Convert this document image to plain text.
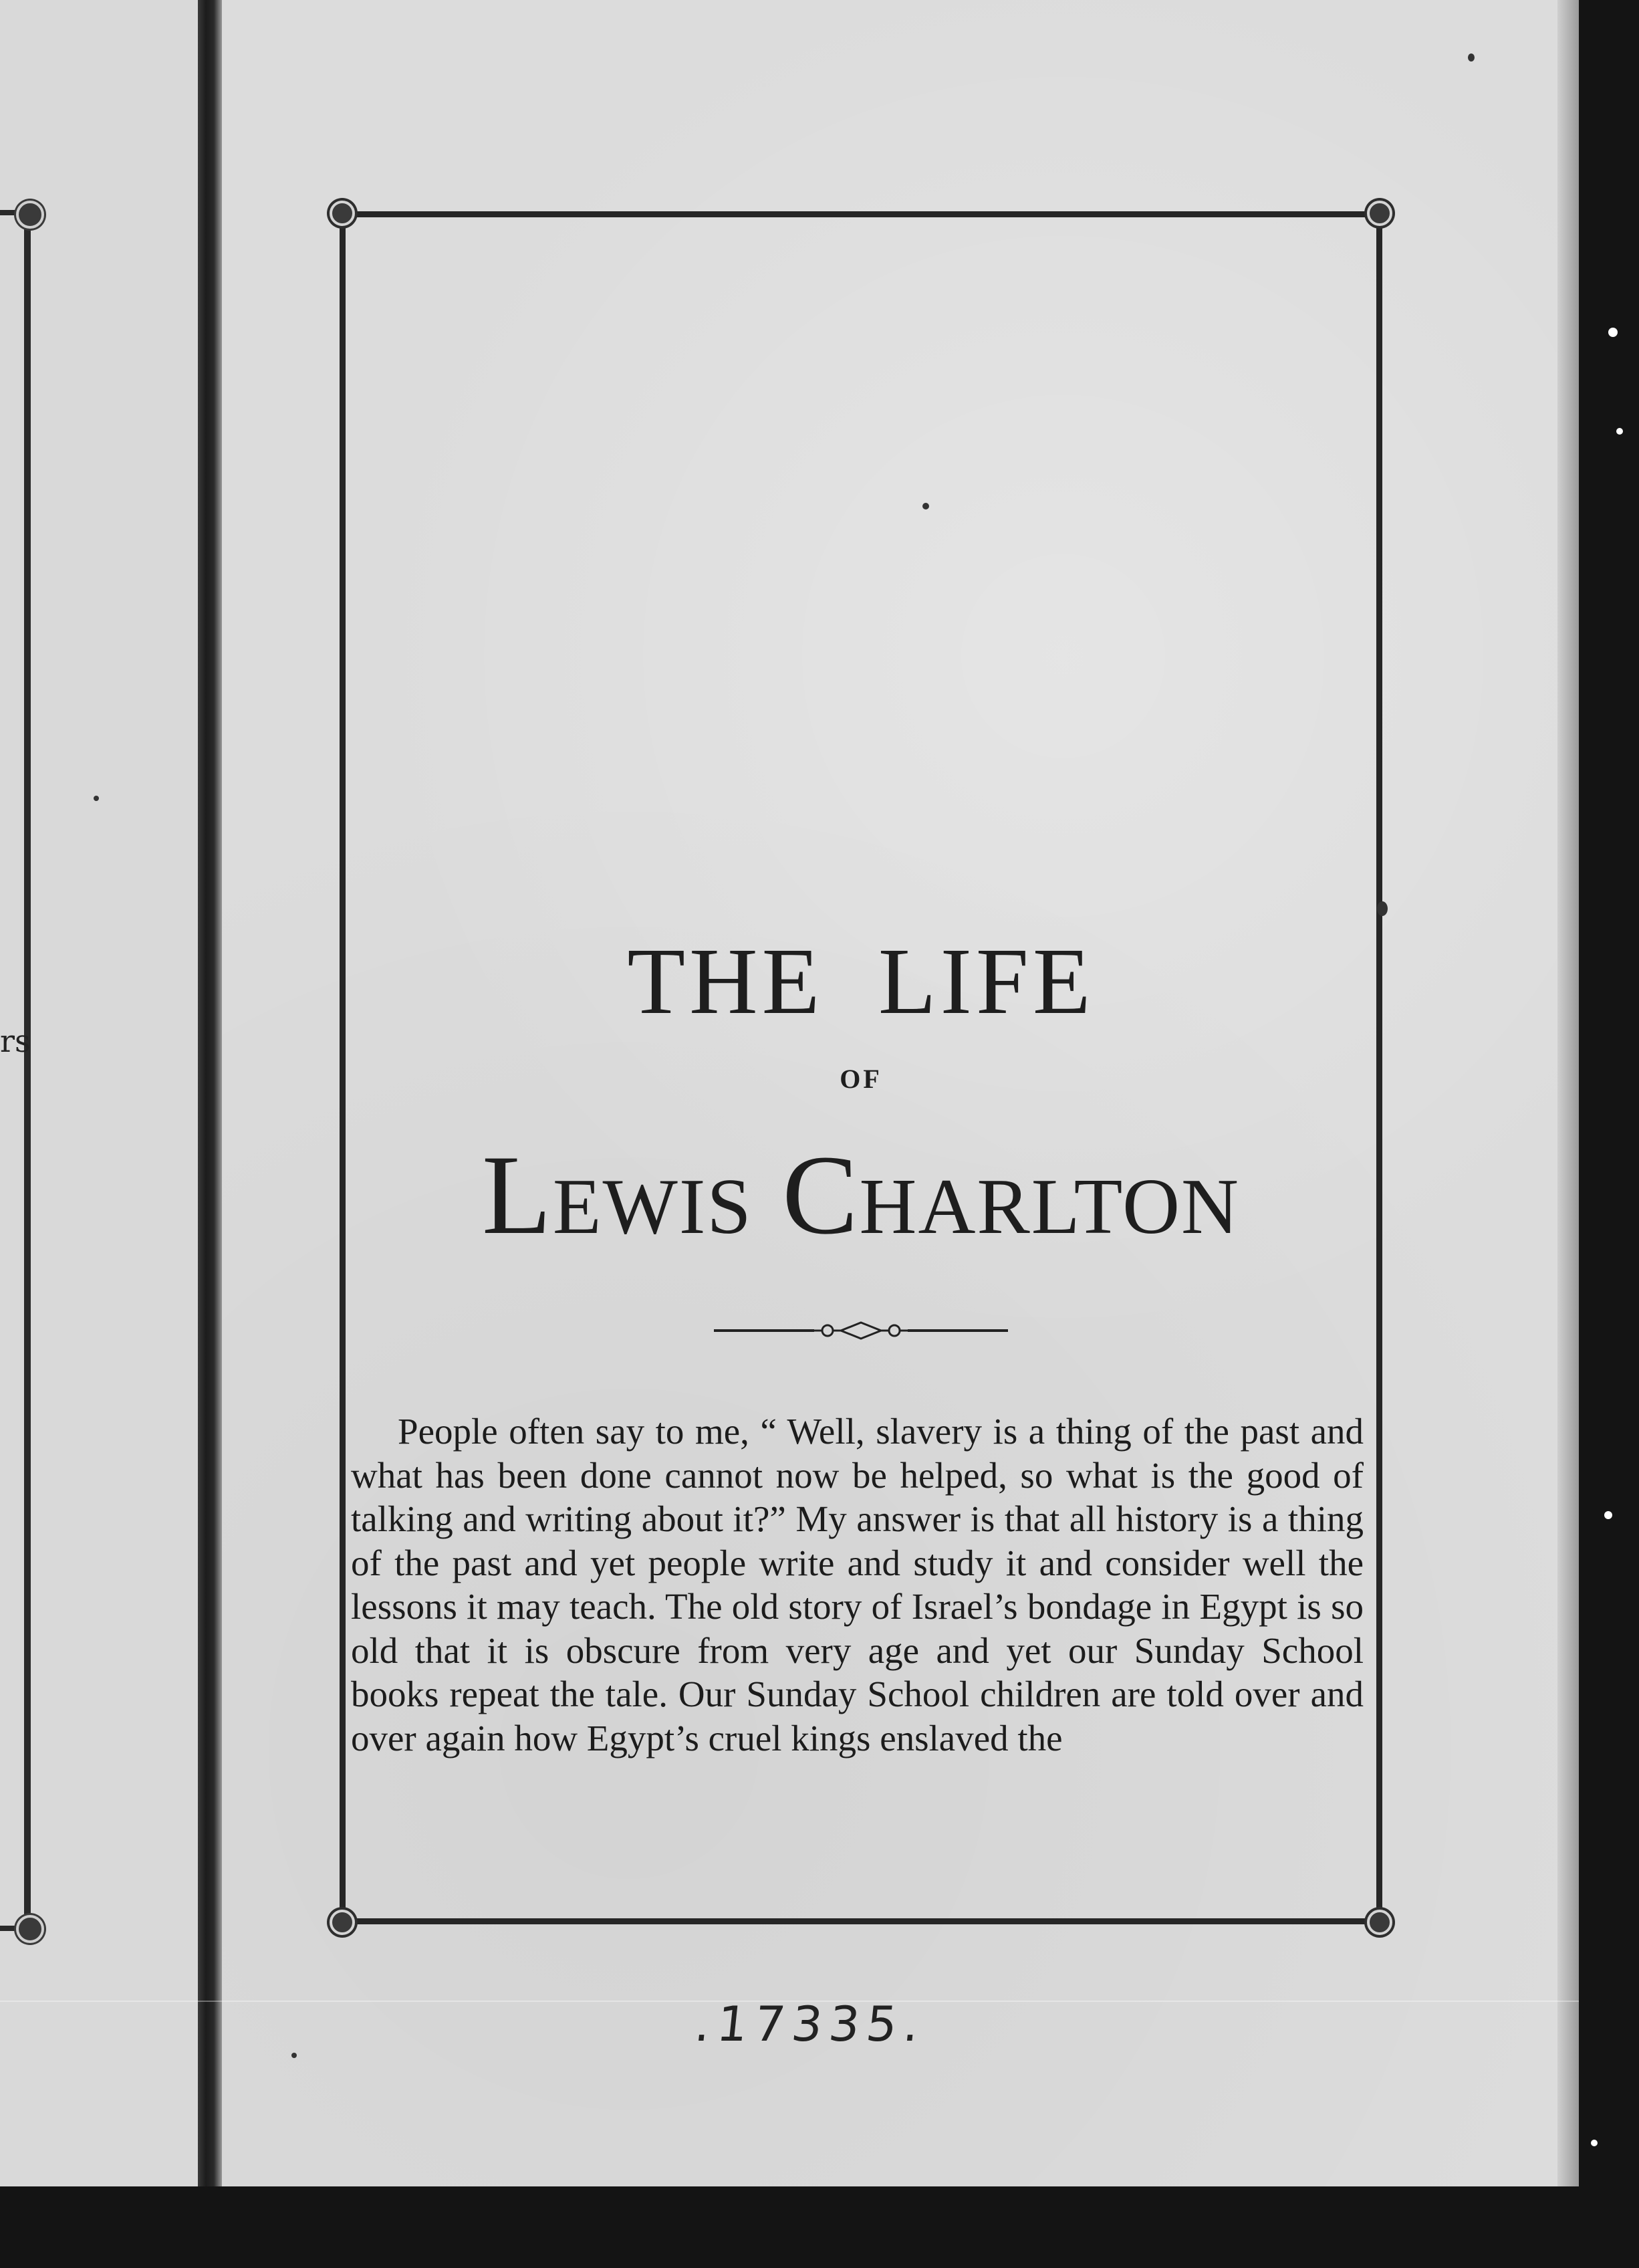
rs
THE LIFE
OF
Lewis Charlton

People often say to me, “ Well, slavery is a thing of the past and what has been done cannot now be helped, so what is the good of talking and writing about it?” My answer is that all history is a thing of the past and yet people write and study it and consider well the lessons it may teach. The old story of Israel’s bondage in Egypt is so old that it is obscure from very age and yet our Sunday School books repeat the tale. Our Sunday School children are told over and over again how Egypt’s cruel kings enslaved the

.17335.
